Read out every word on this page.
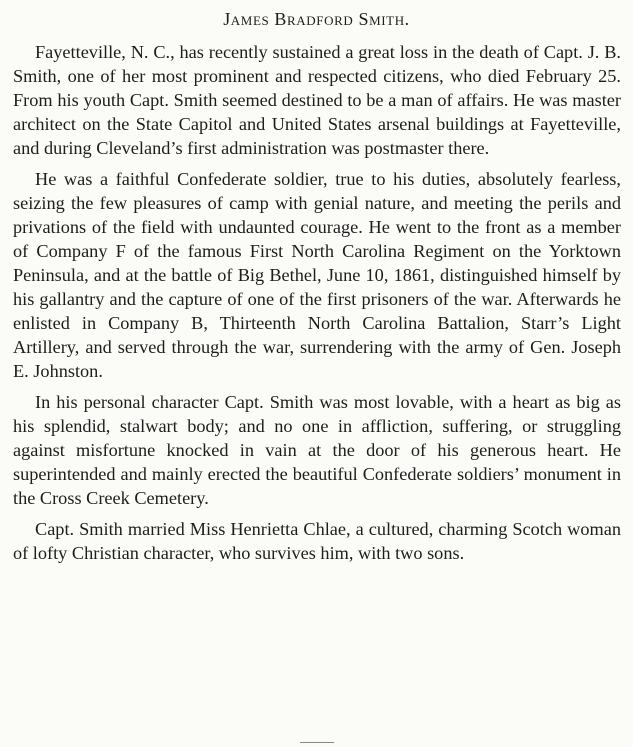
James Bradford Smith.

Fayetteville, N. C., has recently sustained a great loss in the death of Capt. J. B. Smith, one of her most prominent and respected citizens, who died February 25. From his youth Capt. Smith seemed destined to be a man of affairs. He was master architect on the State Capitol and United States arsenal buildings at Fayetteville, and during Cleveland’s first administration was postmaster there.

He was a faithful Confederate soldier, true to his duties, absolutely fearless, seizing the few pleasures of camp with genial nature, and meeting the perils and privations of the field with undaunted courage. He went to the front as a member of Company F of the famous First North Carolina Regiment on the Yorktown Peninsula, and at the battle of Big Bethel, June 10, 1861, distinguished himself by his gallantry and the capture of one of the first prisoners of the war. Afterwards he enlisted in Company B, Thirteenth North Carolina Battalion, Starr’s Light Artillery, and served through the war, surrendering with the army of Gen. Joseph E. Johnston.

In his personal character Capt. Smith was most lovable, with a heart as big as his splendid, stalwart body; and no one in affliction, suffering, or struggling against misfortune knocked in vain at the door of his generous heart. He superintended and mainly erected the beautiful Confederate soldiers’ monument in the Cross Creek Cemetery.

Capt. Smith married Miss Henrietta Chlae, a cultured, charming Scotch woman of lofty Christian character, who survives him, with two sons.
